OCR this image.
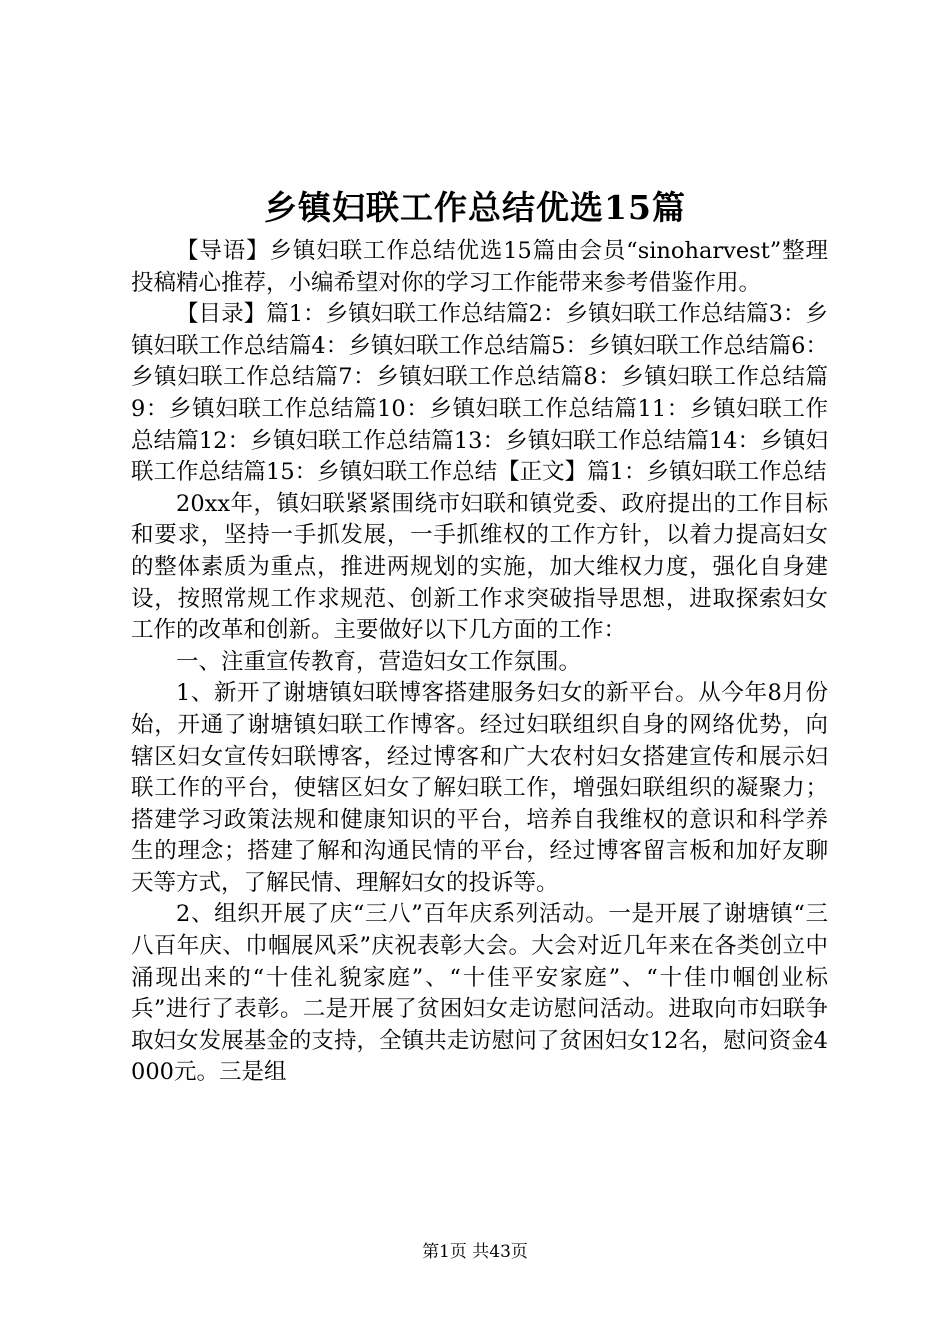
乡镇妇联工作总结优选15篇

【导语】乡镇妇联工作总结优选15篇由会员“sinoharvest”整理投稿精心推荐，小编希望对你的学习工作能带来参考借鉴作用。

【目录】篇1：乡镇妇联工作总结篇2：乡镇妇联工作总结篇3：乡镇妇联工作总结篇4：乡镇妇联工作总结篇5：乡镇妇联工作总结篇6：乡镇妇联工作总结篇7：乡镇妇联工作总结篇8：乡镇妇联工作总结篇9：乡镇妇联工作总结篇10：乡镇妇联工作总结篇11：乡镇妇联工作总结篇12：乡镇妇联工作总结篇13：乡镇妇联工作总结篇14：乡镇妇联工作总结篇15：乡镇妇联工作总结【正文】篇1：乡镇妇联工作总结

20xx年，镇妇联紧紧围绕市妇联和镇党委、政府提出的工作目标和要求，坚持一手抓发展，一手抓维权的工作方针，以着力提高妇女的整体素质为重点，推进两规划的实施，加大维权力度，强化自身建设，按照常规工作求规范、创新工作求突破指导思想，进取探索妇女工作的改革和创新。主要做好以下几方面的工作：

一、注重宣传教育，营造妇女工作氛围。

1、新开了谢塘镇妇联博客搭建服务妇女的新平台。从今年8月份始，开通了谢塘镇妇联工作博客。经过妇联组织自身的网络优势，向辖区妇女宣传妇联博客，经过博客和广大农村妇女搭建宣传和展示妇联工作的平台，使辖区妇女了解妇联工作，增强妇联组织的凝聚力；搭建学习政策法规和健康知识的平台，培养自我维权的意识和科学养生的理念；搭建了解和沟通民情的平台，经过博客留言板和加好友聊天等方式，了解民情、理解妇女的投诉等。

2、组织开展了庆“三八”百年庆系列活动。一是开展了谢塘镇“三八百年庆、巾帼展风采”庆祝表彰大会。大会对近几年来在各类创立中涌现出来的“十佳礼貌家庭”、“十佳平安家庭”、“十佳巾帼创业标兵”进行了表彰。二是开展了贫困妇女走访慰问活动。进取向市妇联争取妇女发展基金的支持，全镇共走访慰问了贫困妇女12名，慰问资金4000元。三是组

第1页 共43页
